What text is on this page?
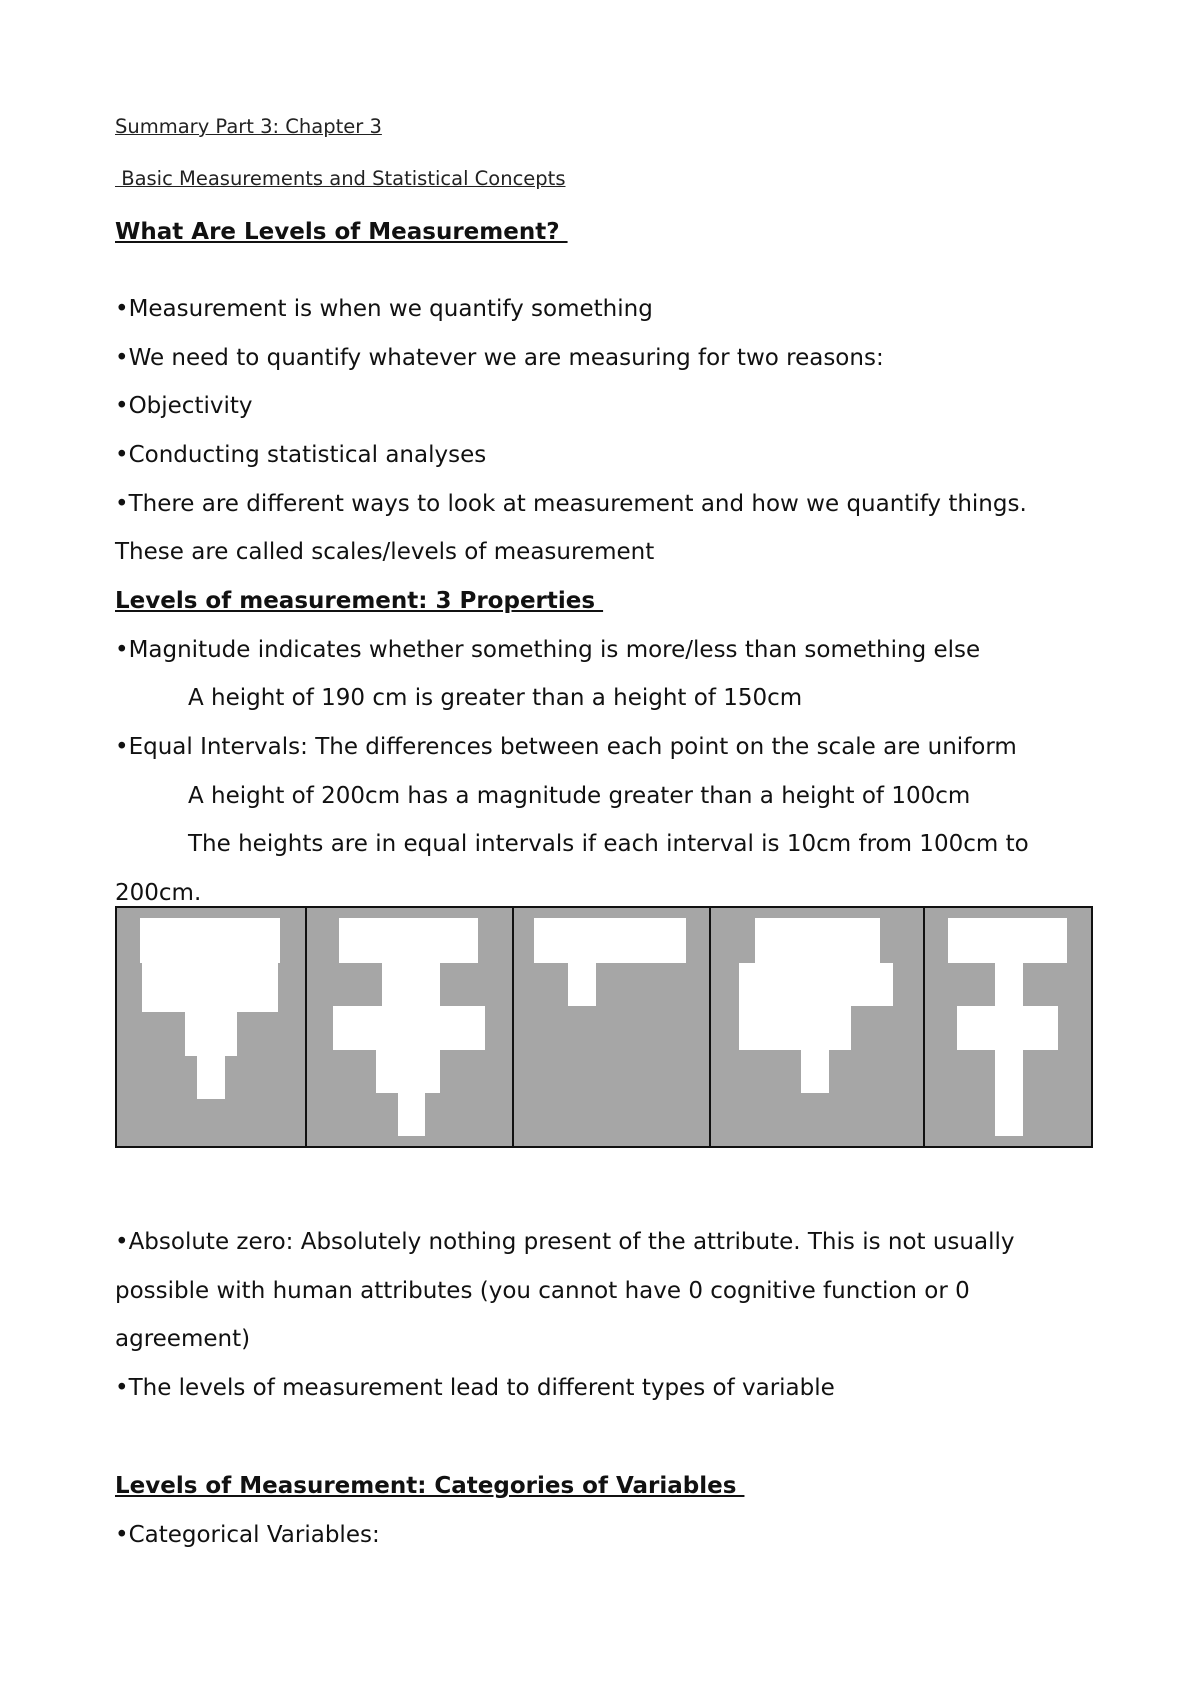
Summary Part 3: Chapter 3
Basic Measurements and Statistical Concepts
What Are Levels of Measurement?
•Measurement is when we quantify something
•We need to quantify whatever we are measuring for two reasons:
•Objectivity
•Conducting statistical analyses
•There are different ways to look at measurement and how we quantify things.
These are called scales/levels of measurement
Levels of measurement: 3 Properties
•Magnitude indicates whether something is more/less than something else
A height of 190 cm is greater than a height of 150cm
•Equal Intervals: The differences between each point on the scale are uniform
A height of 200cm has a magnitude greater than a height of 100cm
The heights are in equal intervals if each interval is 10cm from 100cm to
200cm.
•Absolute zero: Absolutely nothing present of the attribute. This is not usually
possible with human attributes (you cannot have 0 cognitive function or 0
agreement)
•The levels of measurement lead to different types of variable
Levels of Measurement: Categories of Variables
•Categorical Variables:
